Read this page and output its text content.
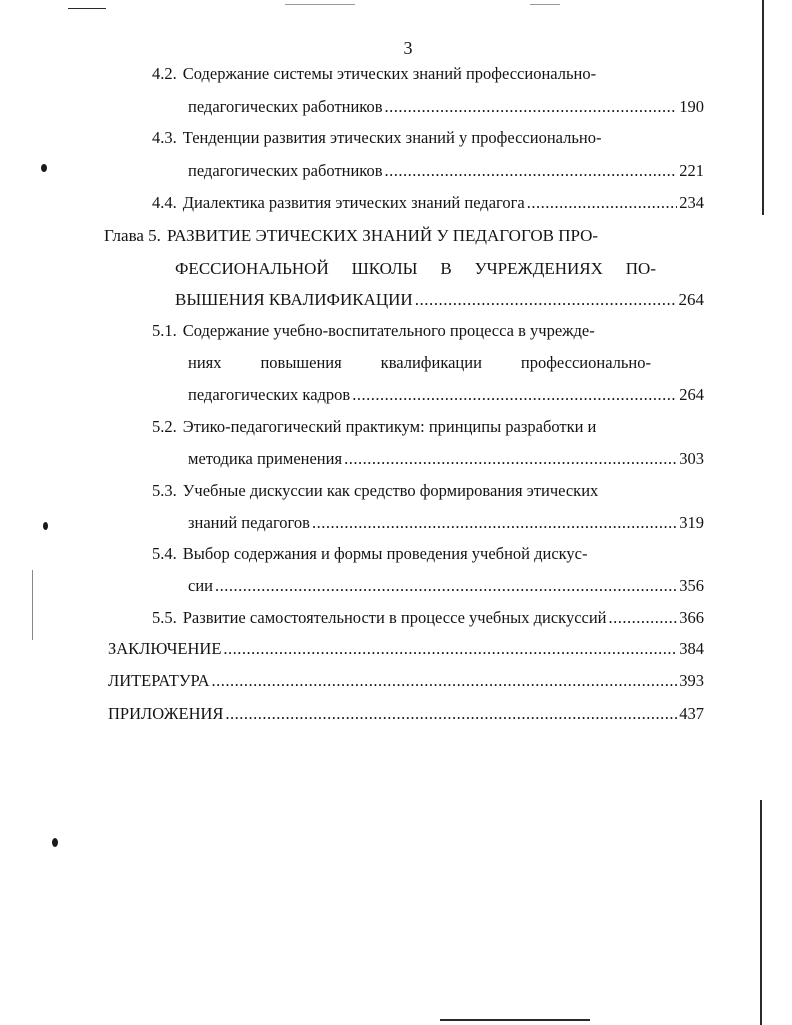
3
4.2. Содержание системы этических знаний профессионально-
педагогических работников .....	190
4.3. Тенденции развития этических знаний у профессионально-
педагогических работников .....	221
4.4. Диалектика развития этических знаний педагога .....	234
Глава 5. РАЗВИТИЕ ЭТИЧЕСКИХ ЗНАНИЙ У ПЕДАГОГОВ ПРО-
ФЕССИОНАЛЬНОЙ ШКОЛЫ В УЧРЕЖДЕНИЯХ ПО-
ВЫШЕНИЯ КВАЛИФИКАЦИИ .....	264
5.1. Содержание учебно-воспитательного процесса в учрежде-
ниях повышения квалификации профессионально-
педагогических кадров .....	264
5.2. Этико-педагогический практикум: принципы разработки и
методика применения .....	303
5.3. Учебные дискуссии как средство формирования этических
знаний педагогов .....	319
5.4. Выбор содержания и формы проведения учебной дискус-
сии .....	356
5.5. Развитие самостоятельности в процессе учебных дискуссий .....	366
ЗАКЛЮЧЕНИЕ .....	384
ЛИТЕРАТУРА .....	393
ПРИЛОЖЕНИЯ .....	437
